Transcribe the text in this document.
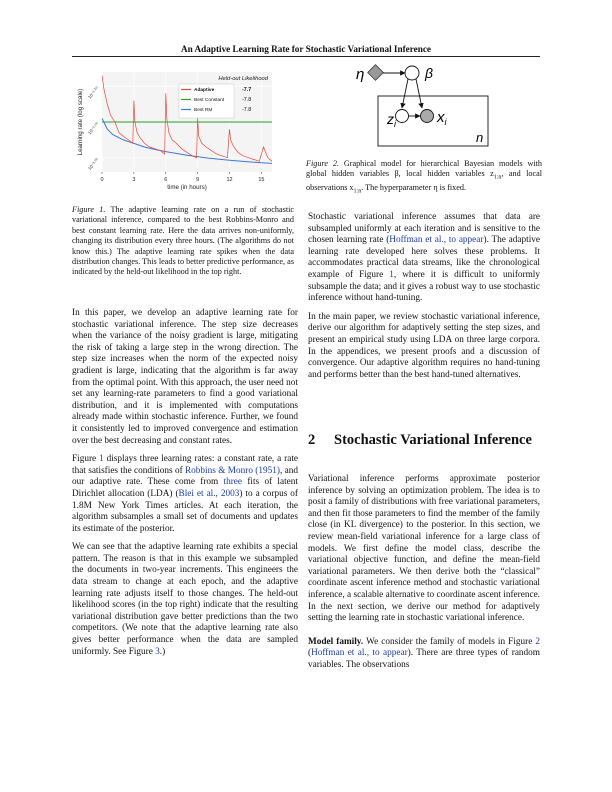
An Adaptive Learning Rate for Stochastic Variational Inference
0	3	6	9	12	15
10⁻¹·⁰⁰
10⁻²·⁰⁰
10⁻³·⁰⁰
time (in hours)
Learning rate (log scale)
Held-out Likelihood
Adaptive	-7.7
Best Constant	-7.8
Best RM	-7.8
Figure 1. The adaptive learning rate on a run of stochastic variational inference, compared to the best Robbins-Monro and best constant learning rate. Here the data arrives non-uniformly, changing its distribution every three hours. (The algorithms do not know this.) The adaptive learning rate spikes when the data distribution changes. This leads to better predictive performance, as indicated by the held-out likelihood in the top right.
η	β
$z_i$	$x_i$
n
Figure 2. Graphical model for hierarchical Bayesian models with global hidden variables β, local hidden variables $z_{1:n}$, and local observations $x_{1:n}$. The hyperparameter η is fixed.

In this paper, we develop an adaptive learning rate for stochastic variational inference. The step size decreases when the variance of the noisy gradient is large, mitigating the risk of taking a large step in the wrong direction. The step size increases when the norm of the expected noisy gradient is large, indicating that the algorithm is far away from the optimal point. With this approach, the user need not set any learning-rate parameters to find a good variational distribution, and it is implemented with computations already made within stochastic inference. Further, we found it consistently led to improved convergence and estimation over the best decreasing and constant rates.

Figure 1 displays three learning rates: a constant rate, a rate that satisfies the conditions of Robbins & Monro (1951), and our adaptive rate. These come from three fits of latent Dirichlet allocation (LDA) (Blei et al., 2003) to a corpus of 1.8M New York Times articles. At each iteration, the algorithm subsamples a small set of documents and updates its estimate of the posterior.

We can see that the adaptive learning rate exhibits a special pattern. The reason is that in this example we subsampled the documents in two-year increments. This engineers the data stream to change at each epoch, and the adaptive learning rate adjusts itself to those changes. The held-out likelihood scores (in the top right) indicate that the resulting variational distribution gave better predictions than the two competitors. (We note that the adaptive learning rate also gives better performance when the data are sampled uniformly. See Figure 3.)

Stochastic variational inference assumes that data are subsampled uniformly at each iteration and is sensitive to the chosen learning rate (Hoffman et al., to appear). The adaptive learning rate developed here solves these problems. It accommodates practical data streams, like the chronological example of Figure 1, where it is difficult to uniformly subsample the data; and it gives a robust way to use stochastic inference without hand-tuning.

In the main paper, we review stochastic variational inference, derive our algorithm for adaptively setting the step sizes, and present an empirical study using LDA on three large corpora. In the appendices, we present proofs and a discussion of convergence. Our adaptive algorithm requires no hand-tuning and performs better than the best hand-tuned alternatives.

2 Stochastic Variational Inference

Variational inference performs approximate posterior inference by solving an optimization problem. The idea is to posit a family of distributions with free variational parameters, and then fit those parameters to find the member of the family close (in KL divergence) to the posterior. In this section, we review mean-field variational inference for a large class of models. We first define the model class, describe the variational objective function, and define the mean-field variational parameters. We then derive both the “classical” coordinate ascent inference method and stochastic variational inference, a scalable alternative to coordinate ascent inference. In the next section, we derive our method for adaptively setting the learning rate in stochastic variational inference.

Model family. We consider the family of models in Figure 2 (Hoffman et al., to appear). There are three types of random variables. The observations
